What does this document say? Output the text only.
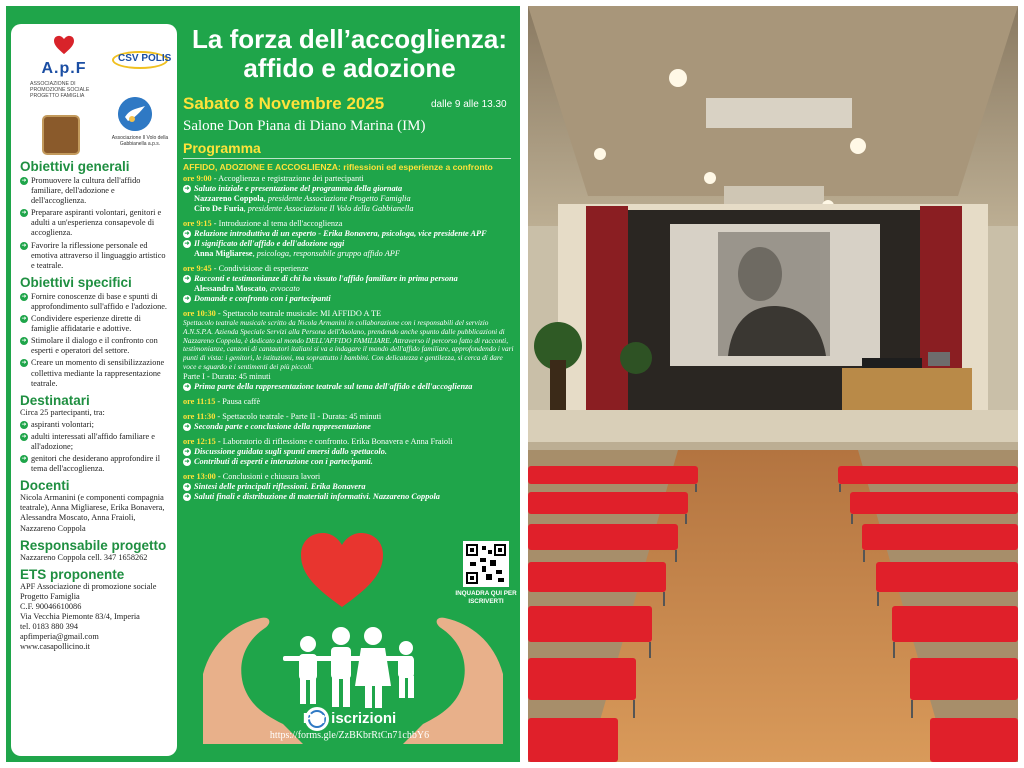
A.p.F
ASSOCIAZIONE DI PROMOZIONE SOCIALE PROGETTO FAMIGLIA
CSV POLIS
Associazione Il Volo della Gabbianella a.p.s.
Obiettivi generali
➜ Promuovere la cultura dell'affido familiare, dell'adozione e dell'accoglienza.
➜ Preparare aspiranti volontari, genitori e adulti a un'esperienza consapevole di accoglienza.
➜ Favorire la riflessione personale ed emotiva attraverso il linguaggio artistico e teatrale.
Obiettivi specifici
➜ Fornire conoscenze di base e spunti di approfondimento sull'affido e l'adozione.
➜ Condividere esperienze dirette di famiglie affidatarie e adottive.
➜ Stimolare il dialogo e il confronto con esperti e operatori del settore.
➜ Creare un momento di sensibilizzazione collettiva mediante la rappresentazione teatrale.
Destinatari
Circa 25 partecipanti, tra:
➜ aspiranti volontari;
➜ adulti interessati all'affido familiare e all'adozione;
➜ genitori che desiderano approfondire il tema dell'accoglienza.
Docenti
Nicola Armanini (e componenti compagnia teatrale), Anna Migliarese, Erika Bonavera, Alessandra Moscato, Anna Fraioli, Nazzareno Coppola
Responsabile progetto
Nazzareno Coppola cell. 347 1658262
ETS proponente
APF Associazione di promozione sociale
Progetto Famiglia
C.F. 90046610086
Via Vecchia Piemonte 83/4, Imperia
tel. 0183 880 394
apfimperia@gmail.com
www.casapollicino.it
La forza dell’accoglienza:
affido e adozione
Sabato 8 Novembre 2025	dalle 9 alle 13.30
Salone Don Piana di Diano Marina (IM)
Programma
AFFIDO, ADOZIONE E ACCOGLIENZA: riflessioni ed esperienze a confronto
ore 9:00 - Accoglienza e registrazione dei partecipanti
➜ Saluto iniziale e presentazione del programma della giornata
Nazzareno Coppola, presidente Associazione Progetto Famiglia
Ciro De Furia, presidente Associazione Il Volo della Gabbianella
ore 9:15 - Introduzione al tema dell'accoglienza
➜ Relazione introduttiva di un esperto - Erika Bonavera, psicologa, vice presidente APF
➜ Il significato dell'affido e dell'adozione oggi
Anna Migliarese, psicologa, responsabile gruppo affido APF
ore 9:45 - Condivisione di esperienze
➜ Racconti e testimonianze di chi ha vissuto l'affido familiare in prima persona
Alessandra Moscato, avvocato
➜ Domande e confronto con i partecipanti
ore 10:30 - Spettacolo teatrale musicale: MI AFFIDO A TE
Spettacolo teatrale musicale scritto da Nicola Armanini in collaborazione con i responsabili del servizio A.N.S.P.A. Azienda Speciale Servizi alla Persona dell'Asolano, prendendo anche spunto dalle pubblicazioni di Nazzareno Coppola, è dedicato al mondo DELL'AFFIDO FAMILIARE. Attraverso il percorso fatto di racconti, testimonianze, canzoni di cantautori italiani si va a indagare il mondo dell'affido familiare, approfondendo i vari punti di vista: i genitori, le istituzioni, ma soprattutto i bambini. Con delicatezza e gentilezza, si cerca di dare voce e sguardo e i sentimenti dei più piccoli.
Parte I - Durata: 45 minuti
➜ Prima parte della rappresentazione teatrale sul tema dell'affido e dell'accoglienza
ore 11:15 - Pausa caffè
ore 11:30 - Spettacolo teatrale - Parte II - Durata: 45 minuti
➜ Seconda parte e conclusione della rappresentazione
ore 12:15 - Laboratorio di riflessione e confronto. Erika Bonavera e Anna Fraioli
➜ Discussione guidata sugli spunti emersi dallo spettacolo.
➜ Contributi di esperti e interazione con i partecipanti.
ore 13:00 - Conclusioni e chiusura lavori
➜ Sintesi delle principali riflessioni. Erika Bonavera
➜ Saluti finali e distribuzione di materiali informativi. Nazzareno Coppola
INQUADRA QUI PER ISCRIVERTI
Per iscrizioni
https://forms.gle/ZzBKbrRtCn71chbY6
